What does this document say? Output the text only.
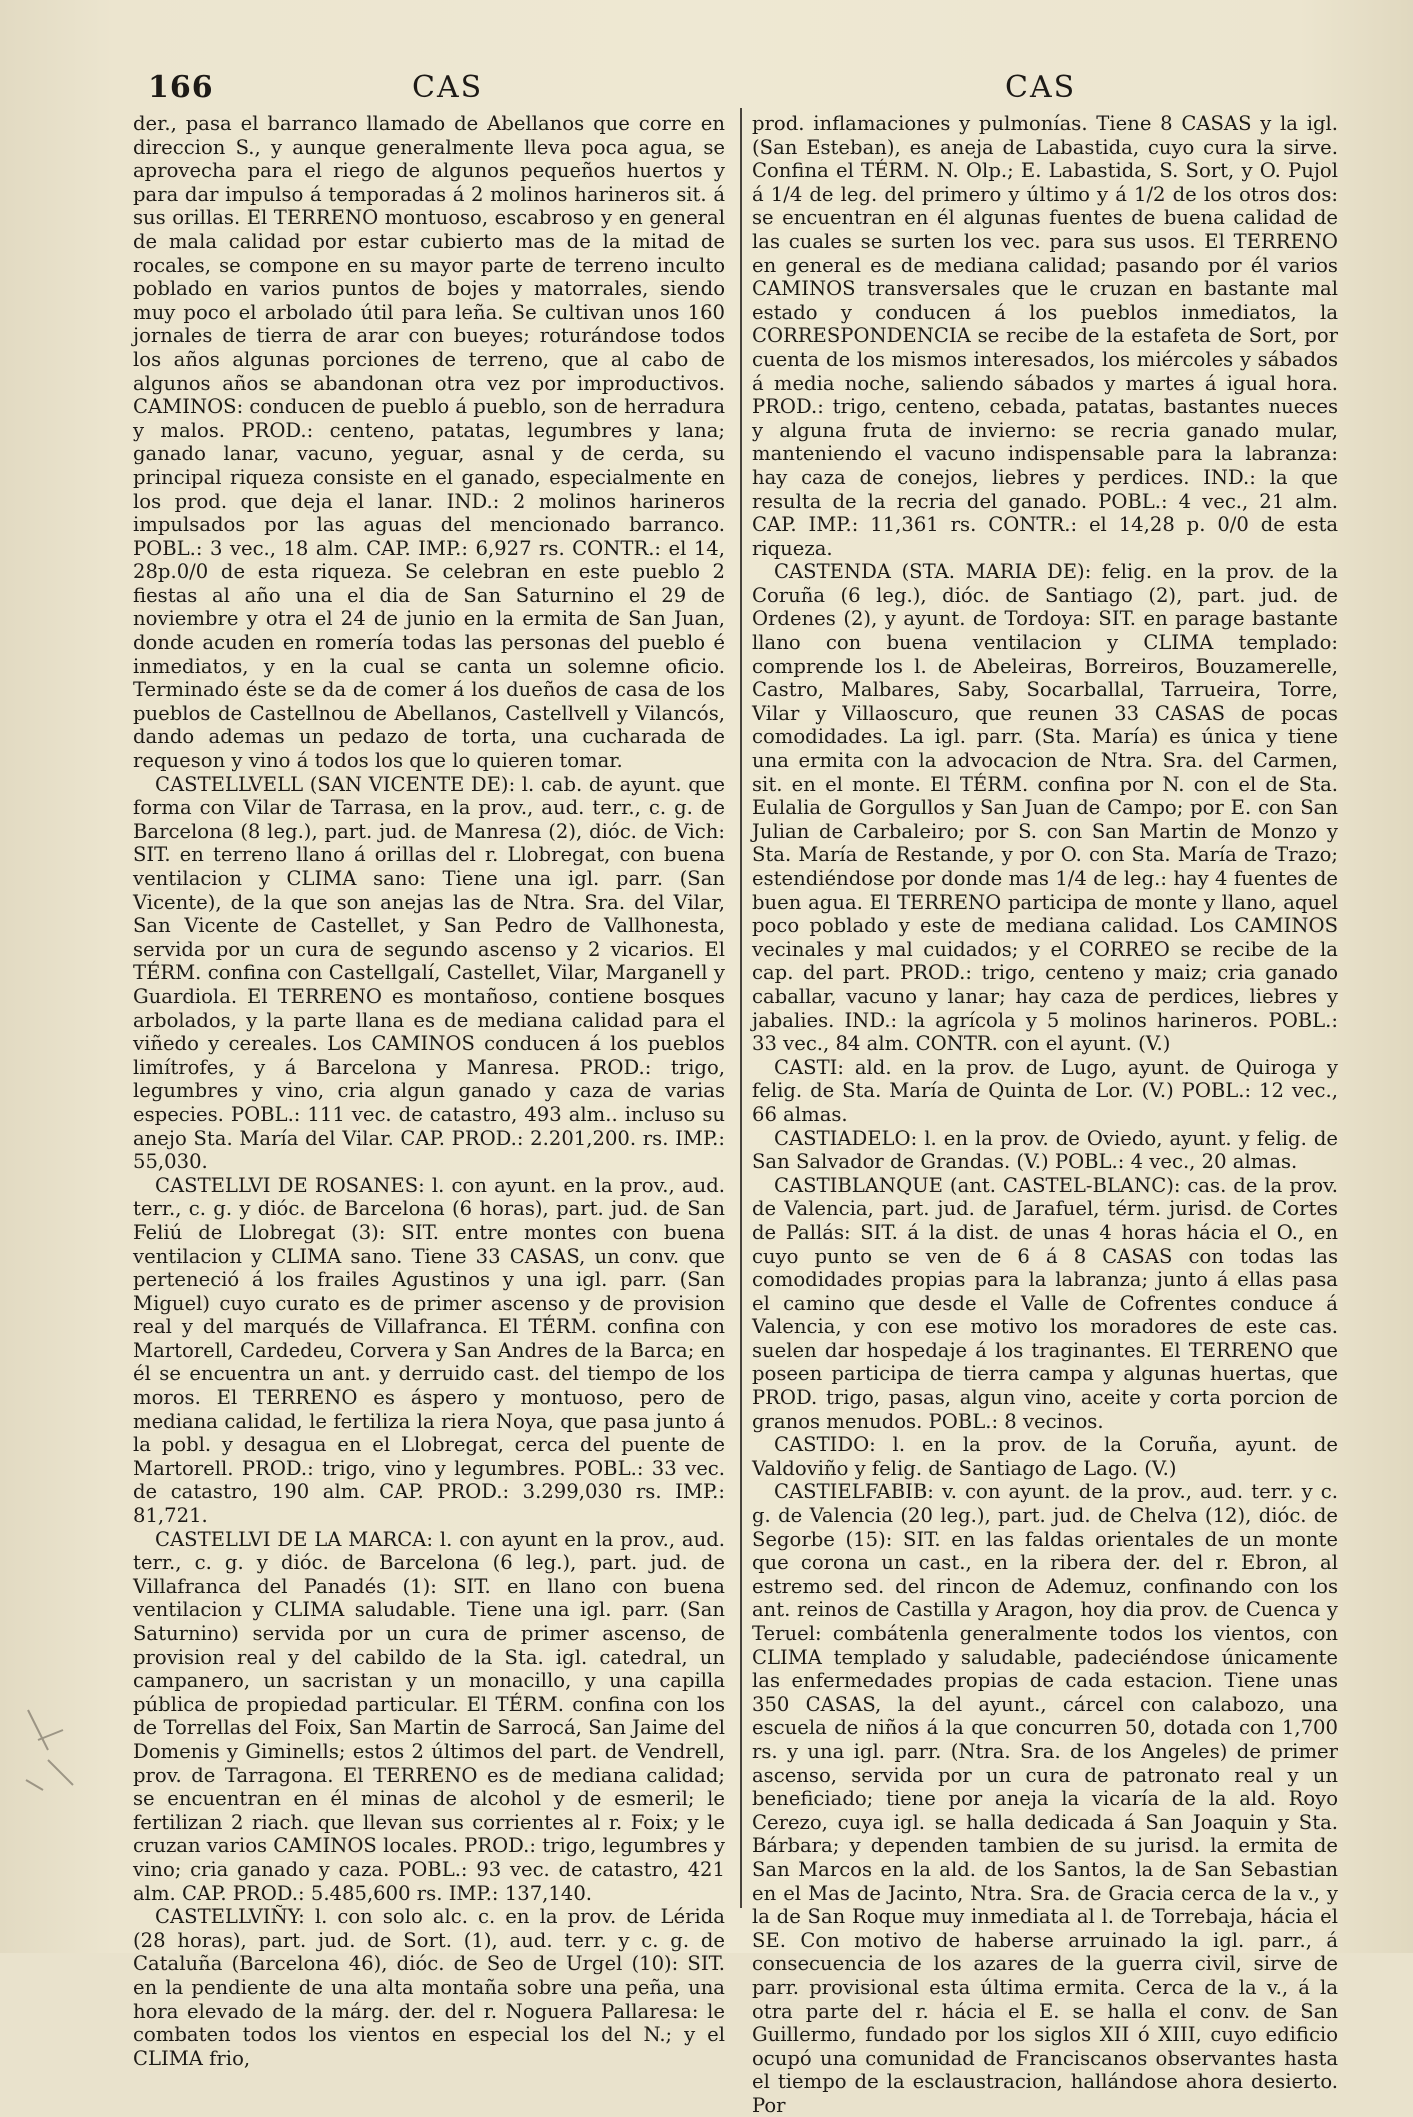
166	CAS	CAS

der., pasa el barranco llamado de Abellanos que corre en direccion S., y aunque generalmente lleva poca agua, se aprovecha para el riego de algunos pequeños huertos y para dar impulso á temporadas á 2 molinos harineros sit. á sus orillas. El TERRENO montuoso, escabroso y en general de mala calidad por estar cubierto mas de la mitad de rocales, se compone en su mayor parte de terreno inculto poblado en varios puntos de bojes y matorrales, siendo muy poco el arbolado útil para leña. Se cultivan unos 160 jornales de tierra de arar con bueyes; roturándose todos los años algunas porciones de terreno, que al cabo de algunos años se abandonan otra vez por improductivos. CAMINOS: conducen de pueblo á pueblo, son de herradura y malos. PROD.: centeno, patatas, legumbres y lana; ganado lanar, vacuno, yeguar, asnal y de cerda, su principal riqueza consiste en el ganado, especialmente en los prod. que deja el lanar. IND.: 2 molinos harineros impulsados por las aguas del mencionado barranco. POBL.: 3 vec., 18 alm. CAP. IMP.: 6,927 rs. CONTR.: el 14, 28p.0/0 de esta riqueza. Se celebran en este pueblo 2 fiestas al año una el dia de San Saturnino el 29 de noviembre y otra el 24 de junio en la ermita de San Juan, donde acuden en romería todas las personas del pueblo é inmediatos, y en la cual se canta un solemne oficio. Terminado éste se da de comer á los dueños de casa de los pueblos de Castellnou de Abellanos, Castellvell y Vilancós, dando ademas un pedazo de torta, una cucharada de requeson y vino á todos los que lo quieren tomar.

CASTELLVELL (SAN VICENTE DE): l. cab. de ayunt. que forma con Vilar de Tarrasa, en la prov., aud. terr., c. g. de Barcelona (8 leg.), part. jud. de Manresa (2), dióc. de Vich: SIT. en terreno llano á orillas del r. Llobregat, con buena ventilacion y CLIMA sano: Tiene una igl. parr. (San Vicente), de la que son anejas las de Ntra. Sra. del Vilar, San Vicente de Castellet, y San Pedro de Vallhonesta, servida por un cura de segundo ascenso y 2 vicarios. El TÉRM. confina con Castellgalí, Castellet, Vilar, Marganell y Guardiola. El TERRENO es montañoso, contiene bosques arbolados, y la parte llana es de mediana calidad para el viñedo y cereales. Los CAMINOS conducen á los pueblos limítrofes, y á Barcelona y Manresa. PROD.: trigo, legumbres y vino, cria algun ganado y caza de varias especies. POBL.: 111 vec. de catastro, 493 alm.. incluso su anejo Sta. María del Vilar. CAP. PROD.: 2.201,200. rs. IMP.: 55,030.

CASTELLVI DE ROSANES: l. con ayunt. en la prov., aud. terr., c. g. y dióc. de Barcelona (6 horas), part. jud. de San Feliú de Llobregat (3): SIT. entre montes con buena ventilacion y CLIMA sano. Tiene 33 CASAS, un conv. que perteneció á los frailes Agustinos y una igl. parr. (San Miguel) cuyo curato es de primer ascenso y de provision real y del marqués de Villafranca. El TÉRM. confina con Martorell, Cardedeu, Corvera y San Andres de la Barca; en él se encuentra un ant. y derruido cast. del tiempo de los moros. El TERRENO es áspero y montuoso, pero de mediana calidad, le fertiliza la riera Noya, que pasa junto á la pobl. y desagua en el Llobregat, cerca del puente de Martorell. PROD.: trigo, vino y legumbres. POBL.: 33 vec. de catastro, 190 alm. CAP. PROD.: 3.299,030 rs. IMP.: 81,721.

CASTELLVI DE LA MARCA: l. con ayunt en la prov., aud. terr., c. g. y dióc. de Barcelona (6 leg.), part. jud. de Villafranca del Panadés (1): SIT. en llano con buena ventilacion y CLIMA saludable. Tiene una igl. parr. (San Saturnino) servida por un cura de primer ascenso, de provision real y del cabildo de la Sta. igl. catedral, un campanero, un sacristan y un monacillo, y una capilla pública de propiedad particular. El TÉRM. confina con los de Torrellas del Foix, San Martin de Sarrocá, San Jaime del Domenis y Giminells; estos 2 últimos del part. de Vendrell, prov. de Tarragona. El TERRENO es de mediana calidad; se encuentran en él minas de alcohol y de esmeril; le fertilizan 2 riach. que llevan sus corrientes al r. Foix; y le cruzan varios CAMINOS locales. PROD.: trigo, legumbres y vino; cria ganado y caza. POBL.: 93 vec. de catastro, 421 alm. CAP. PROD.: 5.485,600 rs. IMP.: 137,140.

CASTELLVIÑY: l. con solo alc. c. en la prov. de Lérida (28 horas), part. jud. de Sort. (1), aud. terr. y c. g. de Cataluña (Barcelona 46), dióc. de Seo de Urgel (10): SIT. en la pendiente de una alta montaña sobre una peña, una hora elevado de la márg. der. del r. Noguera Pallaresa: le combaten todos los vientos en especial los del N.; y el CLIMA frio,

prod. inflamaciones y pulmonías. Tiene 8 CASAS y la igl. (San Esteban), es aneja de Labastida, cuyo cura la sirve. Confina el TÉRM. N. Olp.; E. Labastida, S. Sort, y O. Pujol á 1/4 de leg. del primero y último y á 1/2 de los otros dos: se encuentran en él algunas fuentes de buena calidad de las cuales se surten los vec. para sus usos. El TERRENO en general es de mediana calidad; pasando por él varios CAMINOS transversales que le cruzan en bastante mal estado y conducen á los pueblos inmediatos, la CORRESPONDENCIA se recibe de la estafeta de Sort, por cuenta de los mismos interesados, los miércoles y sábados á media noche, saliendo sábados y martes á igual hora. PROD.: trigo, centeno, cebada, patatas, bastantes nueces y alguna fruta de invierno: se recria ganado mular, manteniendo el vacuno indispensable para la labranza: hay caza de conejos, liebres y perdices. IND.: la que resulta de la recria del ganado. POBL.: 4 vec., 21 alm. CAP. IMP.: 11,361 rs. CONTR.: el 14,28 p. 0/0 de esta riqueza.

CASTENDA (STA. MARIA DE): felig. en la prov. de la Coruña (6 leg.), dióc. de Santiago (2), part. jud. de Ordenes (2), y ayunt. de Tordoya: SIT. en parage bastante llano con buena ventilacion y CLIMA templado: comprende los l. de Abeleiras, Borreiros, Bouzamerelle, Castro, Malbares, Saby, Socarballal, Tarrueira, Torre, Vilar y Villaoscuro, que reunen 33 CASAS de pocas comodidades. La igl. parr. (Sta. María) es única y tiene una ermita con la advocacion de Ntra. Sra. del Carmen, sit. en el monte. El TÉRM. confina por N. con el de Sta. Eulalia de Gorgullos y San Juan de Campo; por E. con San Julian de Carbaleiro; por S. con San Martin de Monzo y Sta. María de Restande, y por O. con Sta. María de Trazo; estendiéndose por donde mas 1/4 de leg.: hay 4 fuentes de buen agua. El TERRENO participa de monte y llano, aquel poco poblado y este de mediana calidad. Los CAMINOS vecinales y mal cuidados; y el CORREO se recibe de la cap. del part. PROD.: trigo, centeno y maiz; cria ganado caballar, vacuno y lanar; hay caza de perdices, liebres y jabalies. IND.: la agrícola y 5 molinos harineros. POBL.: 33 vec., 84 alm. CONTR. con el ayunt. (V.)

CASTI: ald. en la prov. de Lugo, ayunt. de Quiroga y felig. de Sta. María de Quinta de Lor. (V.) POBL.: 12 vec., 66 almas.

CASTIADELO: l. en la prov. de Oviedo, ayunt. y felig. de San Salvador de Grandas. (V.) POBL.: 4 vec., 20 almas.

CASTIBLANQUE (ant. CASTEL-BLANC): cas. de la prov. de Valencia, part. jud. de Jarafuel, térm. jurisd. de Cortes de Pallás: SIT. á la dist. de unas 4 horas hácia el O., en cuyo punto se ven de 6 á 8 CASAS con todas las comodidades propias para la labranza; junto á ellas pasa el camino que desde el Valle de Cofrentes conduce á Valencia, y con ese motivo los moradores de este cas. suelen dar hospedaje á los traginantes. El TERRENO que poseen participa de tierra campa y algunas huertas, que PROD. trigo, pasas, algun vino, aceite y corta porcion de granos menudos. POBL.: 8 vecinos.

CASTIDO: l. en la prov. de la Coruña, ayunt. de Valdoviño y felig. de Santiago de Lago. (V.)

CASTIELFABIB: v. con ayunt. de la prov., aud. terr. y c. g. de Valencia (20 leg.), part. jud. de Chelva (12), dióc. de Segorbe (15): SIT. en las faldas orientales de un monte que corona un cast., en la ribera der. del r. Ebron, al estremo sed. del rincon de Ademuz, confinando con los ant. reinos de Castilla y Aragon, hoy dia prov. de Cuenca y Teruel: combátenla generalmente todos los vientos, con CLIMA templado y saludable, padeciéndose únicamente las enfermedades propias de cada estacion. Tiene unas 350 CASAS, la del ayunt., cárcel con calabozo, una escuela de niños á la que concurren 50, dotada con 1,700 rs. y una igl. parr. (Ntra. Sra. de los Angeles) de primer ascenso, servida por un cura de patronato real y un beneficiado; tiene por aneja la vicaría de la ald. Royo Cerezo, cuya igl. se halla dedicada á San Joaquin y Sta. Bárbara; y dependen tambien de su jurisd. la ermita de San Marcos en la ald. de los Santos, la de San Sebastian en el Mas de Jacinto, Ntra. Sra. de Gracia cerca de la v., y la de San Roque muy inmediata al l. de Torrebaja, hácia el SE. Con motivo de haberse arruinado la igl. parr., á consecuencia de los azares de la guerra civil, sirve de parr. provisional esta última ermita. Cerca de la v., á la otra parte del r. hácia el E. se halla el conv. de San Guillermo, fundado por los siglos XII ó XIII, cuyo edificio ocupó una comunidad de Franciscanos observantes hasta el tiempo de la esclaustracion, hallándose ahora desierto. Por
